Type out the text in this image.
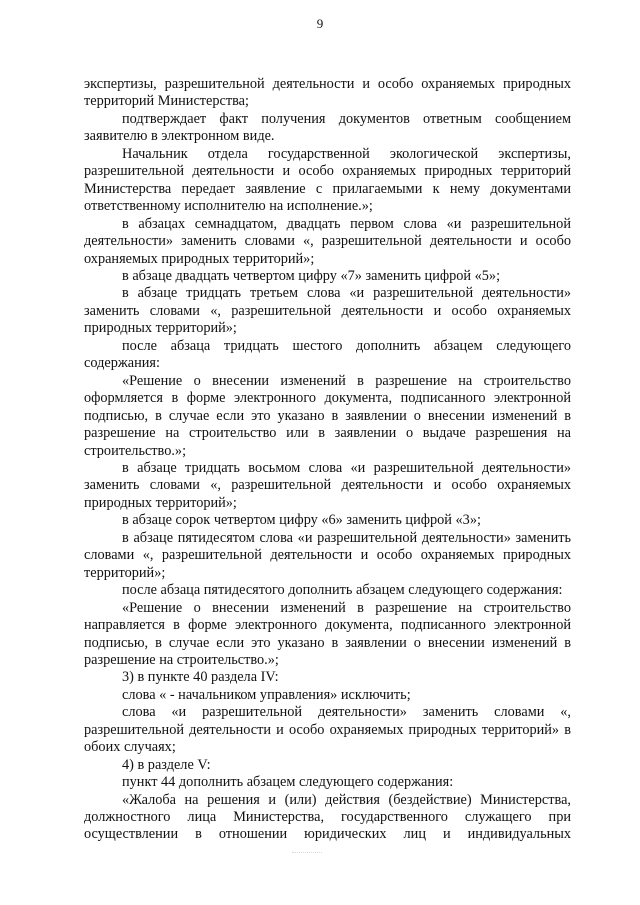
9

экспертизы, разрешительной деятельности и особо охраняемых природных территорий Министерства;

подтверждает факт получения документов ответным сообщением заявителю в электронном виде.

Начальник отдела государственной экологической экспертизы, разрешительной деятельности и особо охраняемых природных территорий Министерства передает заявление с прилагаемыми к нему документами ответственному исполнителю на исполнение.»;

в абзацах семнадцатом, двадцать первом слова «и разрешительной деятельности» заменить словами «, разрешительной деятельности и особо охраняемых природных территорий»;

в абзаце двадцать четвертом цифру «7» заменить цифрой «5»;

в абзаце тридцать третьем слова «и разрешительной деятельности» заменить словами «, разрешительной деятельности и особо охраняемых природных территорий»;

после абзаца тридцать шестого дополнить абзацем следующего содержания:

«Решение о внесении изменений в разрешение на строительство оформляется в форме электронного документа, подписанного электронной подписью, в случае если это указано в заявлении о внесении изменений в разрешение на строительство или в заявлении о выдаче разрешения на строительство.»;

в абзаце тридцать восьмом слова «и разрешительной деятельности» заменить словами «, разрешительной деятельности и особо охраняемых природных территорий»;

в абзаце сорок четвертом цифру «6» заменить цифрой «3»;

в абзаце пятидесятом слова «и разрешительной деятельности» заменить словами «, разрешительной деятельности и особо охраняемых природных территорий»;

после абзаца пятидесятого дополнить абзацем следующего содержания:

«Решение о внесении изменений в разрешение на строительство направляется в форме электронного документа, подписанного электронной подписью, в случае если это указано в заявлении о внесении изменений в разрешение на строительство.»;

3) в пункте 40 раздела IV:

слова « - начальником управления» исключить;

слова «и разрешительной деятельности» заменить словами «, разрешительной деятельности и особо охраняемых природных территорий» в обоих случаях;

4) в разделе V:

пункт 44 дополнить абзацем следующего содержания:

«Жалоба на решения и (или) действия (бездействие) Министерства, должностного лица Министерства, государственного служащего при осуществлении в отношении юридических лиц и индивидуальных
